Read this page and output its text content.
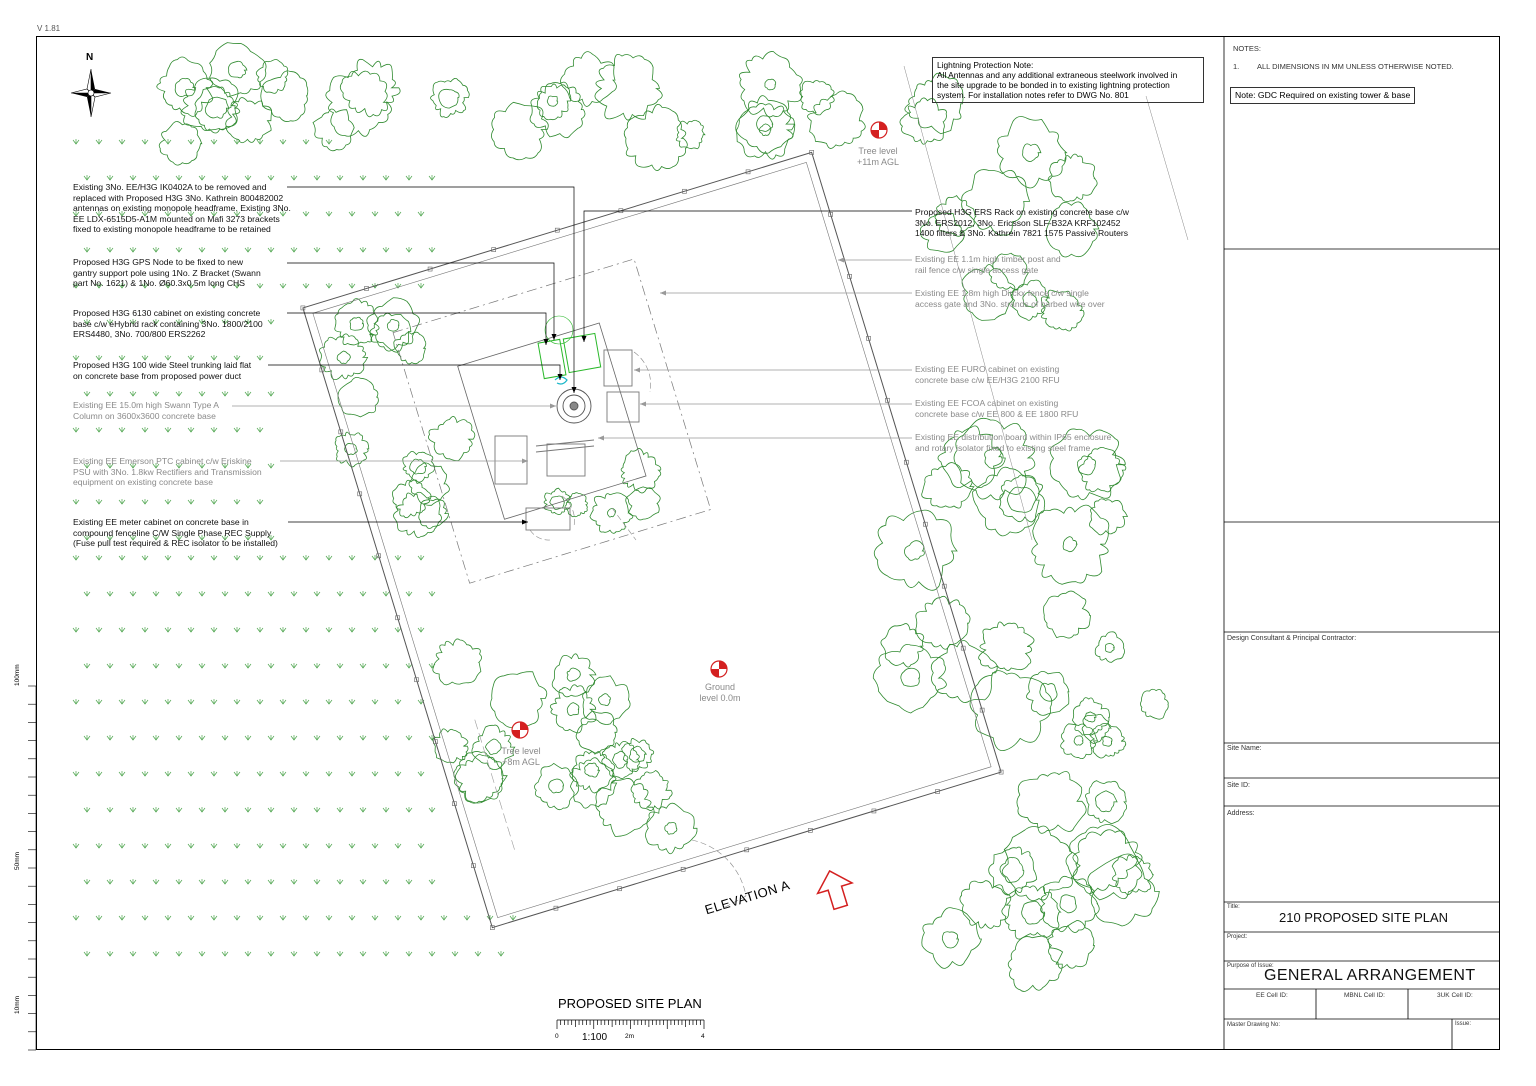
V 1.81
Tree level
+11m AGL
Ground
level 0.0m
Tree level
+8m AGL
N
Existing 3No. EE/H3G IK0402A to be removed and
replaced with Proposed H3G 3No. Kathrein 800482002
antennas on existing monopole headframe. Existing 3No.
EE LDX-6515D5-A1M mounted on Mafi 3273 brackets
fixed to existing monopole headframe to be retained
Proposed H3G GPS Node to be fixed to new
gantry support pole using 1No. Z Bracket (Swann
part No. 1621) & 1No. Ø60.3x0.5m long CHS
Proposed H3G 6130 cabinet on existing concrete
base c/w eHybrid rack containing 3No. 1800/2100
ERS4480, 3No. 700/800 ERS2262
Proposed H3G 100 wide Steel trunking laid flat
on concrete base from proposed power duct
Existing EE 15.0m high Swann Type A
Column on 3600x3600 concrete base
Existing EE Emerson PTC cabinet c/w Eriskine
PSU with 3No. 1.8kw Rectifiers and Transmission
equipment on existing concrete base
Existing EE meter cabinet on concrete base in
compound fenceline C/W Single Phase REC Supply
(Fuse pull test required & REC isolator to be installed)
Proposed H3G ERS Rack on existing concrete base c/w
3No. ERS2012, 3No. Ericsson SLF-B32A KRF102452
1400 filters & 3No. Kathrein 7821 1575 Passive Routers
Existing EE 1.1m high timber post and
rail fence c/w single access gate
Existing EE 1.8m high Dirckx fence c/w single
access gate and 3No. strands of barbed wire over
Existing EE FURO cabinet on existing
concrete base c/w EE/H3G 2100 RFU
Existing EE FCOA cabinet on existing
concrete base c/w EE 800 & EE 1800 RFU
Existing EE distribution board within IP65 enclosure
and rotary isolator fixed to existing steel frame
Lightning Protection Note:
All Antennas and any additional extraneous steelwork involved in
the site upgrade to be bonded in to existing lightning protection
system. For installation notes refer to DWG No. 801
NOTES:
1. ALL DIMENSIONS IN MM UNLESS OTHERWISE NOTED.
Note: GDC Required on existing tower & base
Design Consultant & Principal Contractor:
Site Name:
Site ID:
Address:
Title:
210 PROPOSED SITE PLAN
Project:
Purpose of Issue:
GENERAL ARRANGEMENT
EE Cell ID:	MBNL Cell ID:	3UK Cell ID:
Master Drawing No:	Issue:
ELEVATION A
PROPOSED SITE PLAN
1:100
0	2m	4
100mm
50mm
10mm
